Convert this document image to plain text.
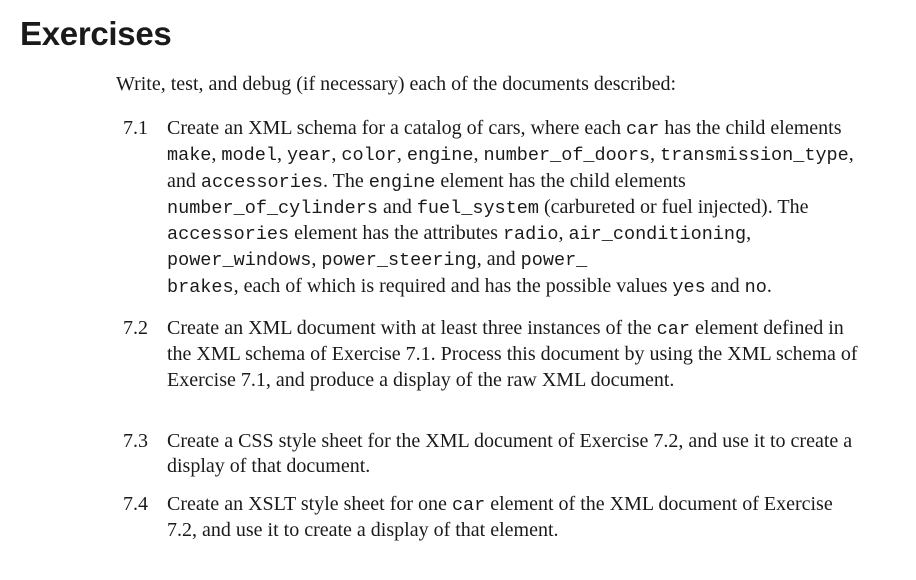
Exercises

Write, test, and debug (if necessary) each of the documents described:

7.1 Create an XML schema for a catalog of cars, where each car has the child elements make, model, year, color, engine, number_of_doors, transmission_type, and accessories. The engine element has the child elements number_of_cylinders and fuel_system (carbureted or fuel injected). The accessories element has the attributes radio, air_conditioning, power_windows, power_steering, and power_
brakes, each of which is required and has the possible values yes and no.
7.2 Create an XML document with at least three instances of the car element defined in the XML schema of Exercise 7.1. Process this document by using the XML schema of Exercise 7.1, and produce a display of the raw XML document.
7.3 Create a CSS style sheet for the XML document of Exercise 7.2, and use it to create a display of that document.
7.4 Create an XSLT style sheet for one car element of the XML document of Exercise 7.2, and use it to create a display of that element.
